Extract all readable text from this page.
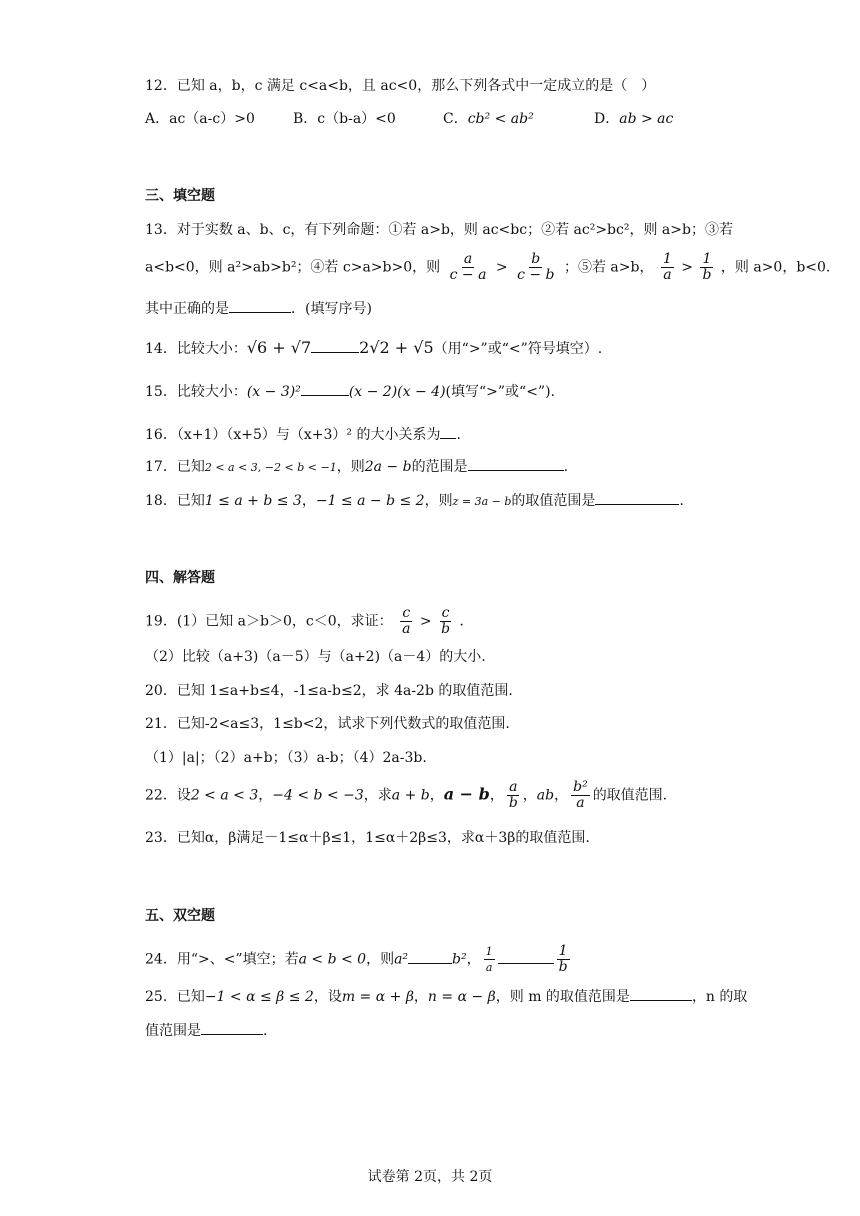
12．已知 a，b，c 满足 c<a<b，且 ac<0，那么下列各式中一定成立的是（　）
A．ac（a-c）>0	B．c（b-a）<0	C．cb² < ab²	D．ab > ac
三、填空题
13．对于实数 a、b、c，有下列命题：①若 a>b，则 ac<bc；②若 ac²>bc²，则 a>b；③若
a<b<0，则 a²>ab>b²；④若 c>a>b>0，则 $\frac{a}{c - a} > \frac{b}{c - b}$ ；⑤若 a>b， $\frac{1}{a} > \frac{1}{b}$ ，则 a>0，b<0.
其中正确的是	．(填写序号)
14．比较大小：√6 + √7	2√2 + √5（用“>”或“<”符号填空）.
15．比较大小：(x − 3)²	(x − 2)(x − 4)(填写“>”或“<”).
16．（x+1）（x+5）与（x+3）² 的大小关系为 .
17．已知2 < a < 3, −2 < b < −1，则2a − b的范围是	.
18．已知1 ≤ a + b ≤ 3，−1 ≤ a − b ≤ 2，则z = 3a − b的取值范围是	.
四、解答题
19．(1）已知 a＞b＞0，c＜0，求证： $\frac{c}{a} > \frac{c}{b}$ ．
（2）比较（a+3)（a－5）与（a+2)（a－4）的大小.
20．已知 1≤a+b≤4，-1≤a-b≤2，求 4a-2b 的取值范围.
21．已知-2<a≤3，1≤b<2，试求下列代数式的取值范围.
（1）|a|；（2）a+b；（3）a-b；（4）2a-3b.
22．设2 < a < 3，−4 < b < −3，求a + b，a − b， $\frac{a}{b}$ ，ab， $\frac{\text{b²}}{a}$ 的取值范围.
23．已知α，β满足－1≤α＋β≤1，1≤α＋2β≤3，求α＋3β的取值范围.
五、双空题
24．用“>、<”填空；若a < b < 0，则a²	b²， $\frac{1}{a}$	$\frac{1}{b}$
25．已知−1 < α ≤ β ≤ 2，设m = α + β，n = α − β，则 m 的取值范围是	，n 的取
值范围是	.
试卷第 2页，共 2页
